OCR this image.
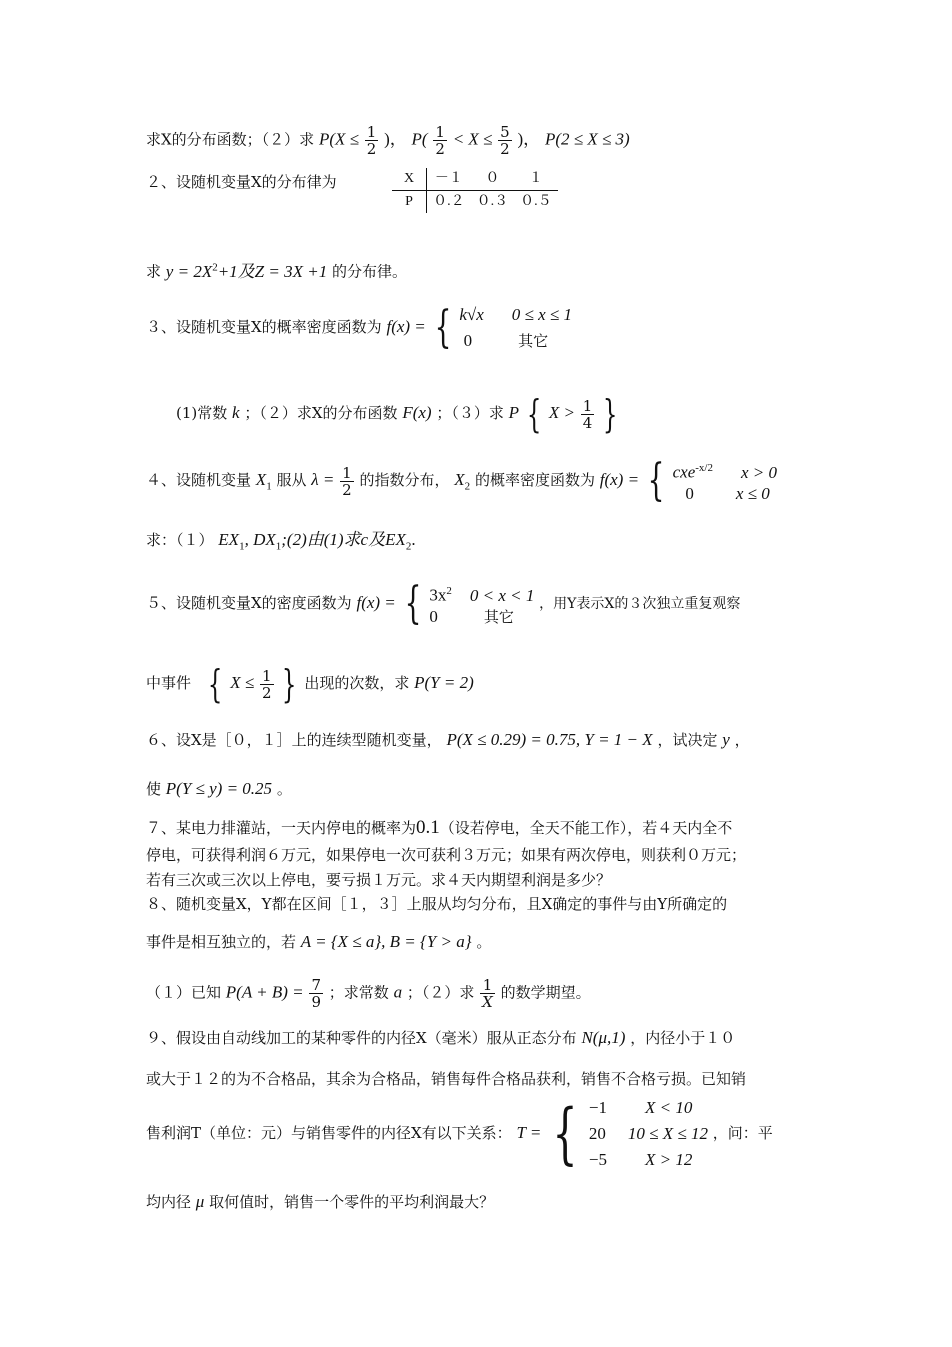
求X的分布函数；（２）求 $P(X \le \frac{1}{2}$ )， $P( \frac{1}{2} < X \le \frac{5}{2}$ )， P(2 ≤ X ≤ 3)
２、设随机变量X的分布律为	X	－１	０	１
P	０.２	０.３	０.５
求 $y = 2X^2+1$及Z = 3X +1 的分布律。
３、设随机变量X的概率密度函数为 f(x) = { k√x 0 ≤ x ≤ 1
0	其它
(1)常数 k ；（２）求X的分布函数 F(x) ；（３）求 P { $X > \frac{1}{4}$ }
４、设随机变量 $X_1$ 服从 $\lambda = \frac{1}{2}$ 的指数分布， $X_2$ 的概率密度函数为 f(x) = { cxe$^{-x/2}$ x > 0
0 x ≤ 0
求：（１） $EX_1$, $DX_1;(2)$由(1)求c及$EX_2$.
５、设随机变量X的密度函数为 f(x) = { $3x^2$ 0 < x < 1
0	其它
，用Y表示X的３次独立重复观察
中事件 { $X \le \frac{1}{2}$ } 出现的次数，求 P(Y = 2)
６、设X是［０，１］上的连续型随机变量， P(X ≤ 0.29) = 0.75, Y = 1 − X ，试决定 y ，
使 P(Y ≤ y) = 0.25 。
７、某电力排灌站，一天内停电的概率为0.1（设若停电，全天不能工作），若４天内全不
停电，可获得利润６万元，如果停电一次可获利３万元；如果有两次停电，则获利０万元；
若有三次或三次以上停电，要亏损１万元。求４天内期望利润是多少？
８、随机变量X，Y都在区间［１，３］上服从均匀分布，且X确定的事件与由Y所确定的
事件是相互独立的，若 A = {X ≤ a}, B = {Y > a} 。
（１）已知 $P(A + B) = \frac{7}{9}$ ；求常数 a ；（２）求 $\frac{1}{X}$ 的数学期望。
９、假设由自动线加工的某种零件的内径X（毫米）服从正态分布 N(μ,1) ，内径小于１０
或大于１２的为不合格品，其余为合格品，销售每件合格品获利，销售不合格亏损。已知销
售利润T（单位：元）与销售零件的内径X有以下关系： T = { −1 X < 10
20 10 ≤ X ≤ 12
−5 X > 12
，问：平
均内径 μ 取何值时，销售一个零件的平均利润最大？
